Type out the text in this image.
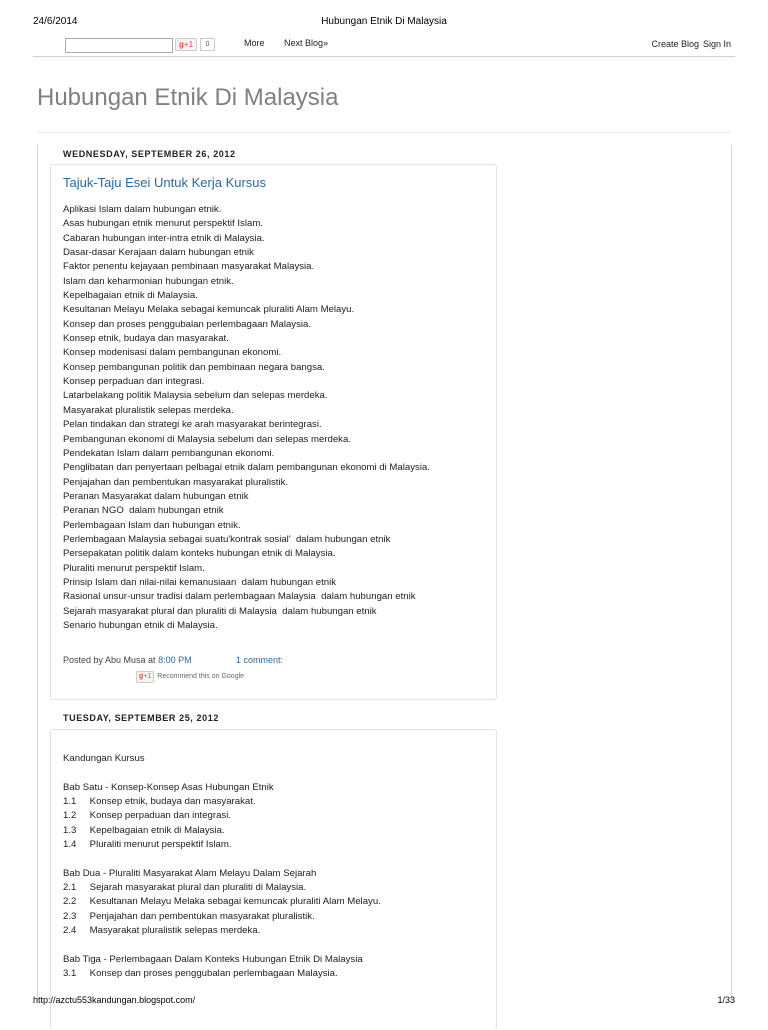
24/6/2014	Hubungan Etnik Di Malaysia
g+1	0	More Next Blog»	Create Blog Sign In
Hubungan Etnik Di Malaysia
WEDNESDAY, SEPTEMBER 26, 2012
Tajuk-Taju Esei Untuk Kerja Kursus
Aplikasi Islam dalam hubungan etnik.
Asas hubungan etnik menurut perspektif Islam.
Cabaran hubungan inter-intra etnik di Malaysia.
Dasar-dasar Kerajaan dalam hubungan etnik
Faktor penentu kejayaan pembinaan masyarakat Malaysia.
Islam dan keharmonian hubungan etnik.
Kepelbagaian etnik di Malaysia.
Kesultanan Melayu Melaka sebagai kemuncak pluraliti Alam Melayu.
Konsep dan proses penggubalan perlembagaan Malaysia.
Konsep etnik, budaya dan masyarakat.
Konsep modenisasi dalam pembangunan ekonomi.
Konsep pembangunan politik dan pembinaan negara bangsa.
Konsep perpaduan dan integrasi.
Latarbelakang politik Malaysia sebelum dan selepas merdeka.
Masyarakat pluralistik selepas merdeka.
Pelan tindakan dan strategi ke arah masyarakat berintegrasi.
Pembangunan ekonomi di Malaysia sebelum dan selepas merdeka.
Pendekatan Islam dalam pembangunan ekonomi.
Penglibatan dan penyertaan pelbagai etnik dalam pembangunan ekonomi di Malaysia.
Penjajahan dan pembentukan masyarakat pluralistik.
Peranan Masyarakat dalam hubungan etnik
Peranan NGO  dalam hubungan etnik
Perlembagaan Islam dan hubungan etnik.
Perlembagaan Malaysia sebagai suatu'kontrak sosial'  dalam hubungan etnik
Persepakatan politik dalam konteks hubungan etnik di Malaysia.
Pluraliti menurut perspektif Islam.
Prinsip Islam dan nilai-nilai kemanusiaan  dalam hubungan etnik
Rasional unsur-unsur tradisi dalam perlembagaan Malaysia  dalam hubungan etnik
Sejarah masyarakat plural dan pluraliti di Malaysia  dalam hubungan etnik
Senario hubungan etnik di Malaysia.
Posted by Abu Musa at 8:00 PM	1 comment:
g+1 Recommend this on Google
TUESDAY, SEPTEMBER 25, 2012
Kandungan Kursus

Bab Satu - Konsep-Konsep Asas Hubungan Etnik
1.1     Konsep etnik, budaya dan masyarakat.
1.2     Konsep perpaduan dan integrasi.
1.3     Kepelbagaian etnik di Malaysia.
1.4     Pluraliti menurut perspektif Islam.

Bab Dua - Pluraliti Masyarakat Alam Melayu Dalam Sejarah
2.1     Sejarah masyarakat plural dan pluraliti di Malaysia.
2.2     Kesultanan Melayu Melaka sebagai kemuncak pluraliti Alam Melayu.
2.3     Penjajahan dan pembentukan masyarakat pluralistik.
2.4     Masyarakat pluralistik selepas merdeka.

Bab Tiga - Perlembagaan Dalam Konteks Hubungan Etnik Di Malaysia
3.1     Konsep dan proses penggubalan perlembagaan Malaysia.
http://azctu553kandungan.blogspot.com/	1/33
